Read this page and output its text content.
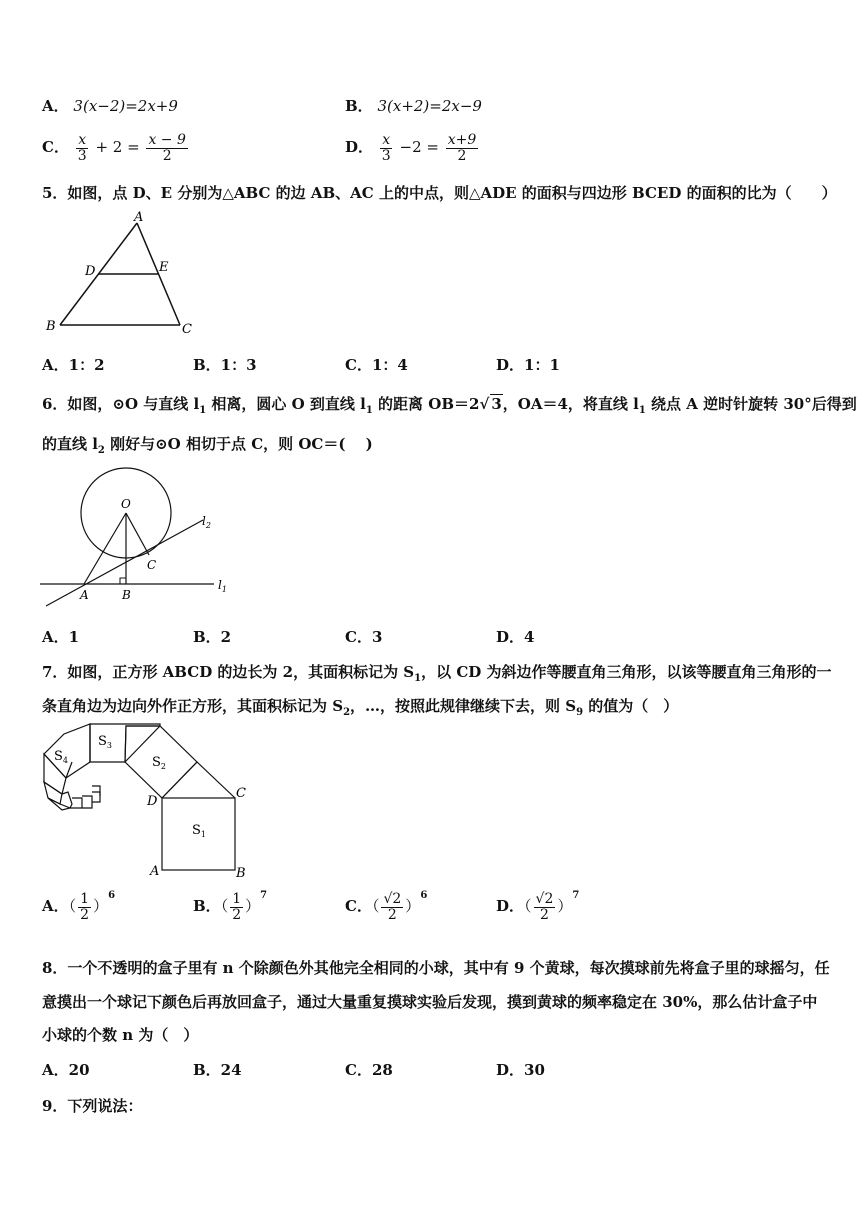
A． 3(x−2)=2x+9	B． 3(x+2)=2x−9
C． $\frac{x}{3} + 2 = \frac{x - 9}{2}$	D． $\frac{x}{3} -2 = \frac{x+9}{2}$
5．如图，点 D、E 分别为△ABC 的边 AB、AC 上的中点，则△ADE 的面积与四边形 BCED 的面积的比为（　　）
A
D	E
B	C
A．1：2	B．1：3	C．1：4	D．1：1
6．如图，⊙O 与直线 $l_1$ 相离，圆心 O 到直线 $l_1$ 的距离 OB＝2√ 3，OA＝4，将直线 $l_1$ 绕点 A 逆时针旋转 30°后得到
的直线 $l_2$ 刚好与⊙O 相切于点 C，则 OC＝(　 )
O
C
A	B
$l_1$
$l_2$
A．1	B．2	C．3	D．4
7．如图，正方形 ABCD 的边长为 2，其面积标记为 $S_1$，以 CD 为斜边作等腰直角三角形，以该等腰直角三角形的一
条直角边为边向外作正方形，其面积标记为 $S_2$，…，按照此规律继续下去，则 $S_9$ 的值为（　）
$S_1$
$S_2$
$S_3$
$S_4$
D
C
A	B
A．（ $\frac{1}{2} )^6$
B．（ $\frac{1}{2} )^7$
C．（ $\frac{√2}{2} )^6$
D．（ $\frac{√2}{2} )^7$
8．一个不透明的盒子里有 n 个除颜色外其他完全相同的小球，其中有 9 个黄球，每次摸球前先将盒子里的球摇匀，任
意摸出一个球记下颜色后再放回盒子，通过大量重复摸球实验后发现，摸到黄球的频率稳定在 30%，那么估计盒子中
小球的个数 n 为（　）
A．20	B．24	C．28	D．30
9．下列说法：
